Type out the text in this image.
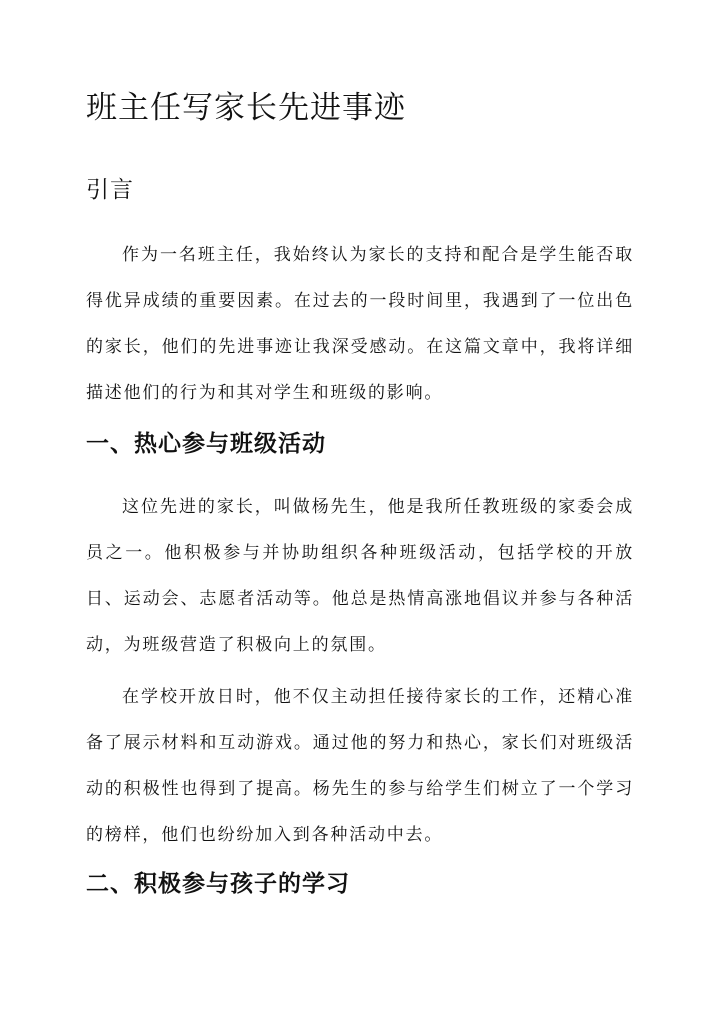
班主任写家长先进事迹
引言

作为一名班主任，我始终认为家长的支持和配合是学生能否取得优异成绩的重要因素。在过去的一段时间里，我遇到了一位出色的家长，他们的先进事迹让我深受感动。在这篇文章中，我将详细描述他们的行为和其对学生和班级的影响。

一、热心参与班级活动

这位先进的家长，叫做杨先生，他是我所任教班级的家委会成员之一。他积极参与并协助组织各种班级活动，包括学校的开放日、运动会、志愿者活动等。他总是热情高涨地倡议并参与各种活动，为班级营造了积极向上的氛围。

在学校开放日时，他不仅主动担任接待家长的工作，还精心准备了展示材料和互动游戏。通过他的努力和热心，家长们对班级活动的积极性也得到了提高。杨先生的参与给学生们树立了一个学习的榜样，他们也纷纷加入到各种活动中去。

二、积极参与孩子的学习
